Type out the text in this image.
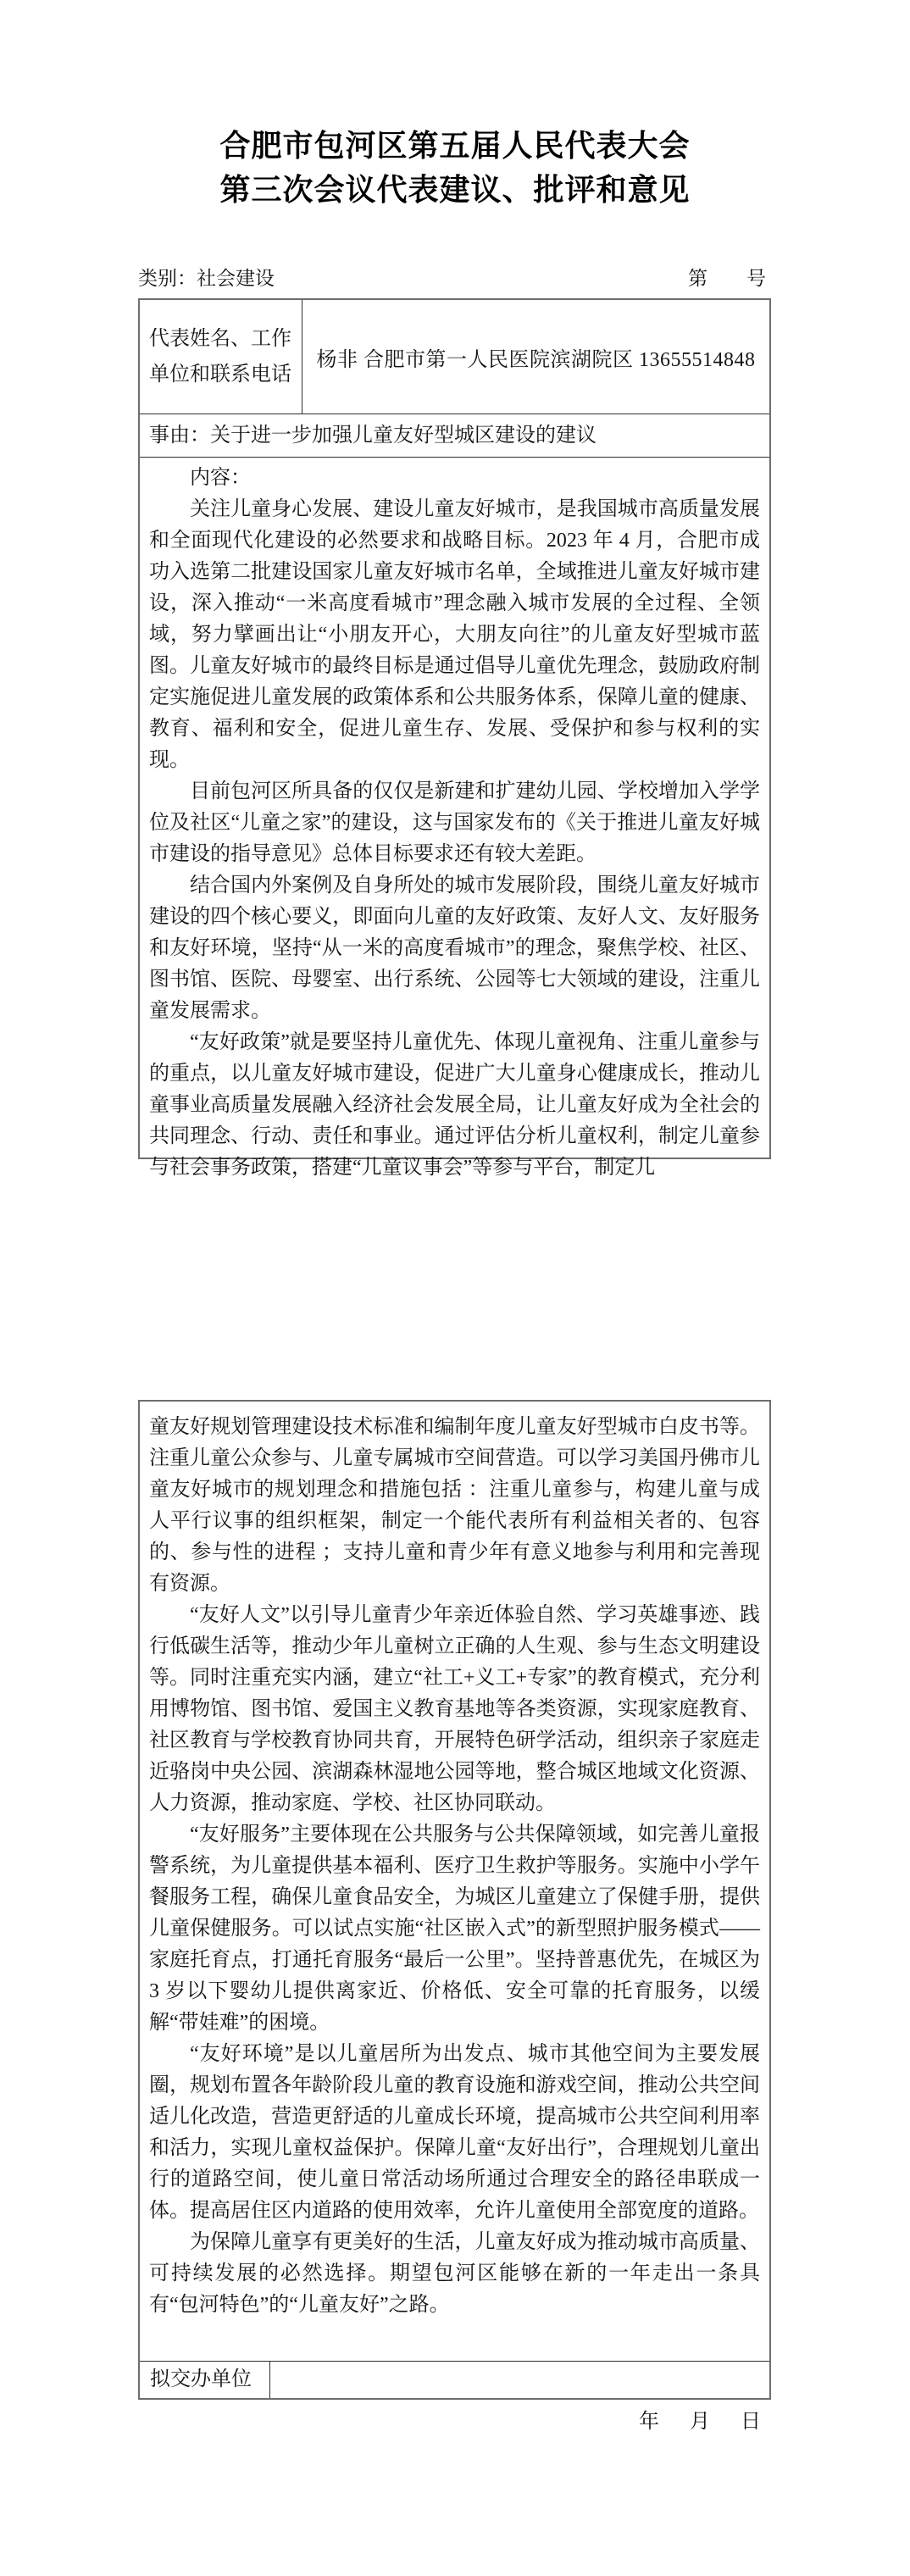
合肥市包河区第五届人民代表大会
第三次会议代表建议、批评和意见
类别：社会建设	第 号
代表姓名、工作单位和联系电话
杨非 合肥市第一人民医院滨湖院区 13655514848
事由：关于进一步加强儿童友好型城区建设的建议

内容：

关注儿童身心发展、建设儿童友好城市，是我国城市高质量发展和全面现代化建设的必然要求和战略目标。2023 年 4 月，合肥市成功入选第二批建设国家儿童友好城市名单，全域推进儿童友好城市建设，深入推动“一米高度看城市”理念融入城市发展的全过程、全领域，努力擘画出让“小朋友开心，大朋友向往”的儿童友好型城市蓝图。儿童友好城市的最终目标是通过倡导儿童优先理念，鼓励政府制定实施促进儿童发展的政策体系和公共服务体系，保障儿童的健康、教育、福利和安全，促进儿童生存、发展、受保护和参与权利的实现。

目前包河区所具备的仅仅是新建和扩建幼儿园、学校增加入学学位及社区“儿童之家”的建设，这与国家发布的《关于推进儿童友好城市建设的指导意见》总体目标要求还有较大差距。

结合国内外案例及自身所处的城市发展阶段，围绕儿童友好城市建设的四个核心要义，即面向儿童的友好政策、友好人文、友好服务和友好环境，坚持“从一米的高度看城市”的理念，聚焦学校、社区、图书馆、医院、母婴室、出行系统、公园等七大领域的建设，注重儿童发展需求。

“友好政策”就是要坚持儿童优先、体现儿童视角、注重儿童参与的重点，以儿童友好城市建设，促进广大儿童身心健康成长，推动儿童事业高质量发展融入经济社会发展全局，让儿童友好成为全社会的共同理念、行动、责任和事业。通过评估分析儿童权利，制定儿童参与社会事务政策，搭建“儿童议事会”等参与平台，制定儿

童友好规划管理建设技术标准和编制年度儿童友好型城市白皮书等。注重儿童公众参与、儿童专属城市空间营造。可以学习美国丹佛市儿童友好城市的规划理念和措施包括 ：注重儿童参与，构建儿童与成人平行议事的组织框架，制定一个能代表所有利益相关者的、包容的、参与性的进程 ；支持儿童和青少年有意义地参与利用和完善现有资源。

“友好人文”以引导儿童青少年亲近体验自然、学习英雄事迹、践行低碳生活等，推动少年儿童树立正确的人生观、参与生态文明建设等。同时注重充实内涵，建立“社工+义工+专家”的教育模式，充分利用博物馆、图书馆、爱国主义教育基地等各类资源，实现家庭教育、社区教育与学校教育协同共育，开展特色研学活动，组织亲子家庭走近骆岗中央公园、滨湖森林湿地公园等地，整合城区地域文化资源、人力资源，推动家庭、学校、社区协同联动。

“友好服务”主要体现在公共服务与公共保障领域，如完善儿童报警系统，为儿童提供基本福利、医疗卫生救护等服务。实施中小学午餐服务工程，确保儿童食品安全，为城区儿童建立了保健手册，提供儿童保健服务。可以试点实施“社区嵌入式”的新型照护服务模式——家庭托育点，打通托育服务“最后一公里”。坚持普惠优先，在城区为 3 岁以下婴幼儿提供离家近、价格低、安全可靠的托育服务，以缓解“带娃难”的困境。

“友好环境”是以儿童居所为出发点、城市其他空间为主要发展圈，规划布置各年龄阶段儿童的教育设施和游戏空间，推动公共空间适儿化改造，营造更舒适的儿童成长环境，提高城市公共空间利用率和活力，实现儿童权益保护。保障儿童“友好出行”，合理规划儿童出行的道路空间，使儿童日常活动场所通过合理安全的路径串联成一体。提高居住区内道路的使用效率，允许儿童使用全部宽度的道路。

为保障儿童享有更美好的生活，儿童友好成为推动城市高质量、可持续发展的必然选择。期望包河区能够在新的一年走出一条具有“包河特色”的“儿童友好”之路。

拟交办单位
年　月　日
